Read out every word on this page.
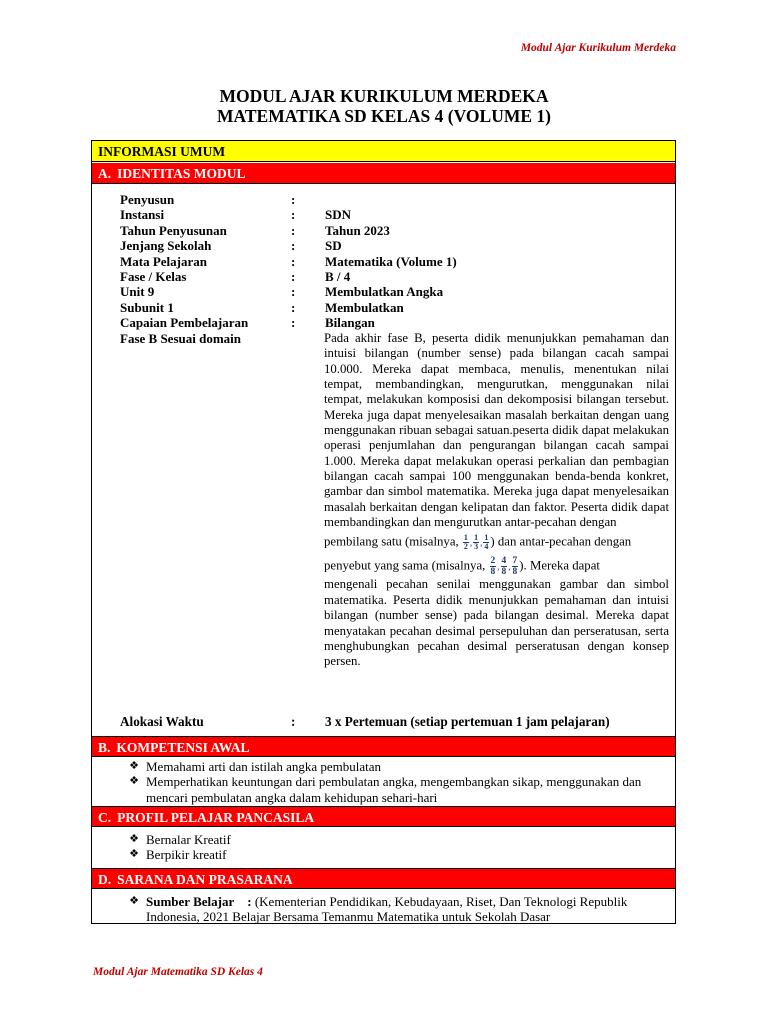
Modul Ajar Kurikulum Merdeka
MODUL AJAR KURIKULUM MERDEKA
MATEMATIKA SD KELAS 4 (VOLUME 1)
INFORMASI UMUM
A. IDENTITAS MODUL
Penyusun	:
Instansi	:	SDN
Tahun Penyusunan	:	Tahun 2023
Jenjang Sekolah	:	SD
Mata Pelajaran	:	Matematika (Volume 1)
Fase / Kelas	:	B / 4
Unit 9	:	Membulatkan Angka
Subunit 1	:	Membulatkan
Capaian Pembelajaran	:	Bilangan
Fase B Sesuai domain	Pada akhir fase B, peserta didik menunjukkan pemahaman dan intuisi bilangan (number sense) pada bilangan cacah sampai 10.000. Mereka dapat membaca, menulis, menentukan nilai tempat, membandingkan, mengurutkan, menggunakan nilai tempat, melakukan komposisi dan dekomposisi bilangan tersebut. Mereka juga dapat menyelesaikan masalah berkaitan dengan uang menggunakan ribuan sebagai satuan.peserta didik dapat melakukan operasi penjumlahan dan pengurangan bilangan cacah sampai 1.000. Mereka dapat melakukan operasi perkalian dan pembagian bilangan cacah sampai 100 menggunakan benda-benda konkret, gambar dan simbol matematika. Mereka juga dapat menyelesaikan masalah berkaitan dengan kelipatan dan faktor. Peserta didik dapat membandingkan dan mengurutkan antar-pecahan dengan
pembilang satu (misalnya, $\frac{1}{2}$ , $\frac{1}{3}$ , $\frac{1}{4}$ ) dan antar-pecahan dengan
penyebut yang sama (misalnya, $\frac{2}{8}$ , $\frac{4}{8}$ , $\frac{7}{8}$ ). Mereka dapat
mengenali pecahan senilai menggunakan gambar dan simbol matematika. Peserta didik menunjukkan pemahaman dan intuisi bilangan (number sense) pada bilangan desimal. Mereka dapat menyatakan pecahan desimal persepuluhan dan perseratusan, serta menghubungkan pecahan desimal perseratusan dengan konsep persen.
Alokasi Waktu	:	3 x Pertemuan (setiap pertemuan 1 jam pelajaran)
B. KOMPETENSI AWAL
❖ Memahami arti dan istilah angka pembulatan
❖ Memperhatikan keuntungan dari pembulatan angka, mengembangkan sikap, menggunakan dan mencari pembulatan angka dalam kehidupan sehari-hari
C. PROFIL PELAJAR PANCASILA
❖ Bernalar Kreatif
❖ Berpikir kreatif
D. SARANA DAN PRASARANA
❖ Sumber Belajar : (Kementerian Pendidikan, Kebudayaan, Riset, Dan Teknologi Republik Indonesia, 2021 Belajar Bersama Temanmu Matematika untuk Sekolah Dasar
Modul Ajar Matematika SD Kelas 4
